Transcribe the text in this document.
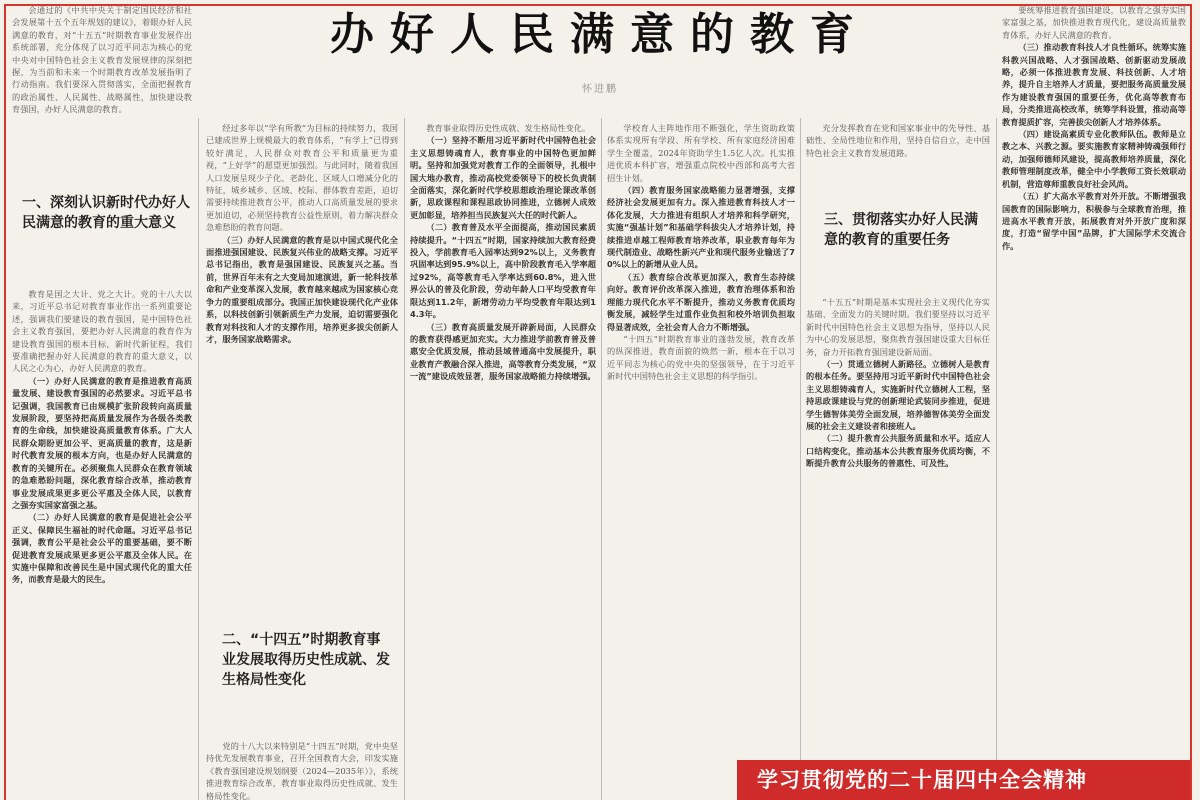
办好人民满意的教育
怀进鹏

会通过的《中共中央关于制定国民经济和社会发展第十五个五年规划的建议》，着眼办好人民满意的教育，对“十五五”时期教育事业发展作出系统部署，充分体现了以习近平同志为核心的党中央对中国特色社会主义教育发展规律的深刻把握，为当前和未来一个时期教育改革发展指明了行动指南。我们要深入贯彻落实，全面把握教育的政治属性、人民属性、战略属性，加快建设教育强国，办好人民满意的教育。

一、深刻认识新时代办好人民满意的教育的重大意义

教育是国之大计、党之大计。党的十八大以来，习近平总书记对教育事业作出一系列重要论述，强调我们要建设的教育强国，是中国特色社会主义教育强国，要把办好人民满意的教育作为建设教育强国的根本目标，新时代新征程，我们要准确把握办好人民满意的教育的重大意义，以人民之心为心，办好人民满意的教育。

（一）办好人民满意的教育是推进教育高质量发展、建设教育强国的必然要求。习近平总书记强调，我国教育已由规模扩张阶段转向高质量发展阶段，要坚持把高质量发展作为各级各类教育的生命线，加快建设高质量教育体系。广大人民群众期盼更加公平、更高质量的教育，这是新时代教育发展的根本方向，也是办好人民满意的教育的关键所在。必须聚焦人民群众在教育领域的急难愁盼问题，深化教育综合改革，推动教育事业发展成果更多更公平惠及全体人民，以教育之强夯实国家富强之基。

（二）办好人民满意的教育是促进社会公平正义、保障民生福祉的时代命题。习近平总书记强调，教育公平是社会公平的重要基础，要不断促进教育发展成果更多更公平惠及全体人民。在实施中保障和改善民生是中国式现代化的重大任务，而教育是最大的民生。

经过多年以“学有所教”为目标的持续努力，我国已建成世界上规模最大的教育体系，“有学上”已得到较好满足，人民群众对教育公平和质量更为重视，“上好学”的愿望更加强烈。与此同时，随着我国人口发展呈现少子化、老龄化、区域人口增减分化的特征，城乡城乡、区域、校际、群体教育差距，迫切需要持续推进教育公平，推动人口高质量发展的要求更加迫切，必须坚持教育公益性原则，着力解决群众急难愁盼的教育问题。

（三）办好人民满意的教育是以中国式现代化全面推进强国建设、民族复兴伟业的战略支撑。习近平总书记指出，教育是强国建设、民族复兴之基。当前，世界百年未有之大变局加速演进，新一轮科技革命和产业变革深入发展，教育越来越成为国家核心竞争力的重要组成部分。我国正加快建设现代化产业体系，以科技创新引领新质生产力发展，迫切需要强化教育对科技和人才的支撑作用，培养更多拔尖创新人才，服务国家战略需求。

二、“十四五”时期教育事业发展取得历史性成就、发生格局性变化

党的十八大以来特别是“十四五”时期，党中央坚持优先发展教育事业，召开全国教育大会，印发实施《教育强国建设规划纲要（2024—2035年）》，系统推进教育综合改革，教育事业取得历史性成就、发生格局性变化。

教育事业取得历史性成就、发生格局性变化。

（一）坚持不断用习近平新时代中国特色社会主义思想铸魂育人，教育事业的中国特色更加鲜明。坚持和加强党对教育工作的全面领导，扎根中国大地办教育，推动高校党委领导下的校长负责制全面落实，深化新时代学校思想政治理论课改革创新，思政课程和课程思政协同推进，立德树人成效更加彰显，培养担当民族复兴大任的时代新人。

（二）教育普及水平全面提高，推动国民素质持续提升。“十四五”时期，国家持续加大教育经费投入，学前教育毛入园率达到92%以上，义务教育巩固率达到95.9%以上，高中阶段教育毛入学率超过92%，高等教育毛入学率达到60.8%，进入世界公认的普及化阶段，劳动年龄人口平均受教育年限达到11.2年，新增劳动力平均受教育年限达到14.3年。

（三）教育高质量发展开辟新局面，人民群众的教育获得感更加充实。大力推进学前教育普及普惠安全优质发展，推动县域普通高中发展提升，职业教育产教融合深入推进，高等教育分类发展，“双一流”建设成效显著，服务国家战略能力持续增强。

学校育人主阵地作用不断强化，学生资助政策体系实现所有学段、所有学校、所有家庭经济困难学生全覆盖，2024年资助学生1.5亿人次。扎实推进优质本科扩容，增强重点院校中西部和高考大省招生计划。

（四）教育服务国家战略能力显著增强，支撑经济社会发展更加有力。深入推进教育科技人才一体化发展，大力推进有组织人才培养和科学研究，实施“强基计划”和基础学科拔尖人才培养计划，持续推进卓越工程师教育培养改革，职业教育每年为现代制造业、战略性新兴产业和现代服务业输送了70%以上的新增从业人员。

（五）教育综合改革更加深入，教育生态持续向好。教育评价改革深入推进，教育治理体系和治理能力现代化水平不断提升，推动义务教育优质均衡发展，减轻学生过重作业负担和校外培训负担取得显著成效，全社会育人合力不断增强。

“十四五”时期教育事业的蓬勃发展，教育改革的纵深推进，教育面貌的焕然一新，根本在于以习近平同志为核心的党中央的坚强领导，在于习近平新时代中国特色社会主义思想的科学指引。

充分发挥教育在党和国家事业中的先导性、基础性、全局性地位和作用，坚持自信自立，走中国特色社会主义教育发展道路。

三、贯彻落实办好人民满意的教育的重要任务

“十五五”时期是基本实现社会主义现代化夯实基础、全面发力的关键时期。我们要坚持以习近平新时代中国特色社会主义思想为指导，坚持以人民为中心的发展思想，聚焦教育强国建设重大目标任务，奋力开拓教育强国建设新局面。

（一）贯通立德树人新路径。立德树人是教育的根本任务。要坚持用习近平新时代中国特色社会主义思想铸魂育人，实施新时代立德树人工程，坚持思政课建设与党的创新理论武装同步推进，促进学生德智体美劳全面发展，培养德智体美劳全面发展的社会主义建设者和接班人。

（二）提升教育公共服务质量和水平。适应人口结构变化，推动基本公共教育服务优质均衡，不断提升教育公共服务的普惠性、可及性。

要统筹推进教育强国建设，以教育之强夯实国家富强之基，加快推进教育现代化，建设高质量教育体系，办好人民满意的教育。

（三）推动教育科技人才良性循环。统筹实施科教兴国战略、人才强国战略、创新驱动发展战略，必须一体推进教育发展、科技创新、人才培养，提升自主培养人才质量，要把服务高质量发展作为建设教育强国的重要任务，优化高等教育布局，分类推进高校改革，统筹学科设置，推动高等教育提质扩容，完善拔尖创新人才培养体系。

（四）建设高素质专业化教师队伍。教师是立教之本、兴教之源。要实施教育家精神铸魂强师行动，加强师德师风建设，提高教师培养质量，深化教师管理制度改革，健全中小学教师工资长效联动机制，营造尊师重教良好社会风尚。

（五）扩大高水平教育对外开放。不断增强我国教育的国际影响力，积极参与全球教育治理，推进高水平教育开放，拓展教育对外开放广度和深度，打造“留学中国”品牌，扩大国际学术交流合作。

学习贯彻党的二十届四中全会精神
